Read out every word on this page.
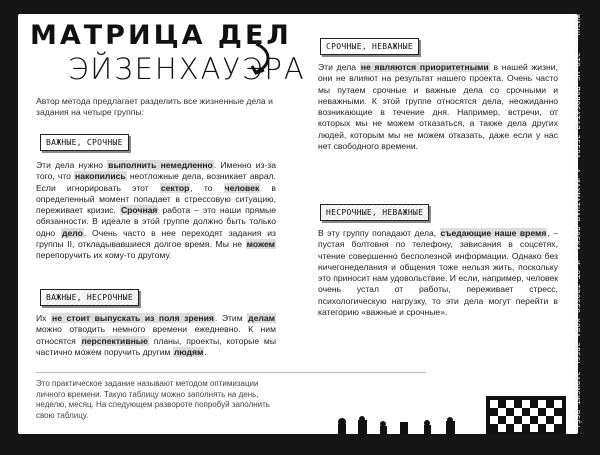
МАТРИЦА ДЕЛ
ЭЙЗЕНХАУЭРА
Автор метода предлагает разделить все жизненные дела и задания на четыре группы:
ВАЖНЫЕ, СРОЧНЫЕ
Эти дела нужно выполнить немедленно. Именно из-за того, что накопились неотложные дела, возникает аврал. Если игнорировать этот сектор, то человек в определенный момент попадает в стрессовую ситуацию, переживает кризис. Срочная работа – это наши прямые обязанности. В идеале в этой группе должно быть только одно дело. Очень часто в нее переходят задания из группы II, откладывавшиеся долгое время. Мы не можем перепоручить их кому-то другому.
ВАЖНЫЕ, НЕСРОЧНЫЕ
Их не стоит выпускать из поля зрения. Этим делам можно отводить немного времени ежедневно. К ним относятся перспективные планы, проекты, которые мы частично можем поручить другим людям.
СРОЧНЫЕ, НЕВАЖНЫЕ
Эти дела не являются приоритетными в нашей жизни, они не влияют на результат нашего проекта. Очень часто мы путаем срочные и важные дела со срочными и неважными. К этой группе относятся дела, неожиданно возникающие в течение дня. Например, встречи, от которых мы не можем отказаться, а также дела других людей, которым мы не можем отказать, даже если у нас нет свободного времени.
НЕСРОЧНЫЕ, НЕВАЖНЫЕ
В эту группу попадают дела, съедающие наше время, – пустая болтовня по телефону, зависания в соцсетях, чтение совершенно бесполезной информации. Однако без ничегонеделания и общения тоже нельзя жить, поскольку это приносит нам удовольствие. И если, например, человек очень устал от работы, переживает стресс, психологическую нагрузку, то эти дела могут перейти в категорию «важные и срочные».
Это практическое задание называют методом оптимизации личного времени. Такую таблицу можно заполнять на день, неделю, месяц. На следующем развороте попробуй заполнить свою таблицу.	ЖИЗНЬ – ЭТО НЕ ПОЛОСАТАЯ ЗЕБРА, А ШАХМАТНАЯ ДОСКА, И ОТ ТВОЕГО ХОДА ЗДЕСЬ ЗАВИСИТ ВСЁ!
